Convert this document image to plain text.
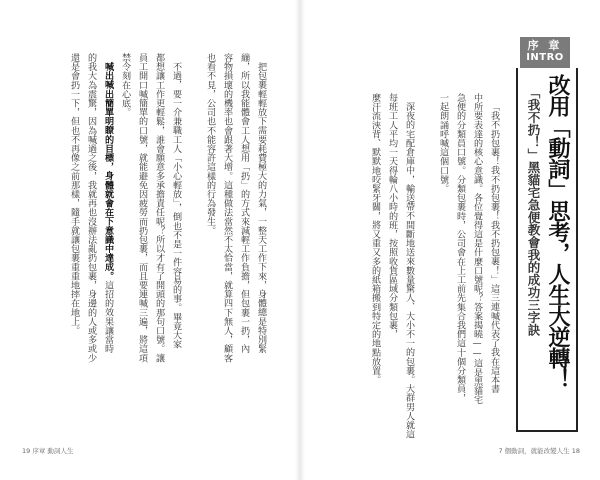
序 章
INTRO
改用「動詞」思考，人生大逆轉！
「我不扔！」黑貓宅急便教會我的成功三字訣
「我不扔包裹！我不扔包裹！我不扔包裹！」這三連喊代表了我在這本書
中所要表達的核心意識。各位覺得這是什麼口號呢？答案揭曉——這是黑貓宅
急便的分類員口號。分類包裹時，公司會在上工前先集合我們這十個分類員，
一起朗誦呼喊這個口號。
深夜的宅配倉庫中，輸送帶不間斷地送來數量驚人、大小不一的包裹。大群男人就這
每班工人平均一天得輪八小時的班，按照收貨區域分類包裹，
麼汗流浹背、默默地咬緊牙關，將又重又多的紙箱搬到特定的地點放置。
把包裹輕輕放下需要耗費極大的力氣，一整天工作下來，身體總是特別緊
繃，所以我能體會工人想用「扔」的方式來減輕工作負擔，但包裹一扔，內
容物損壞的機率也會跟著大增。這種做法當然不太恰當，就算四下無人，顧客
也看不見，公司也不能容許這樣的行為發生。
不過，要一介兼職工人「小心輕放」，倒也不是一件容易的事。畢竟大家
都想讓工作更輕鬆，誰會願意多承擔責任呢？所以才有了開頭的那句口號。讓
員工開口喊簡單的口號，就能避免因疲勞而扔包裹，而且要連喊三遍，將這項
禁令刻在心底。
喊出喊出簡單明瞭的目標，身體就會在下意識中達成。這招的效果讓當時
的我大為震驚，因為喊過之後，我就再也沒辦法亂扔包裹，身邊的人或多或少
還是會扔一下，但也不再像之前那樣，隨手就讓包裹重重地摔在地上。
19 序章 動詞人生	7 個動詞，就能改變人生 18
